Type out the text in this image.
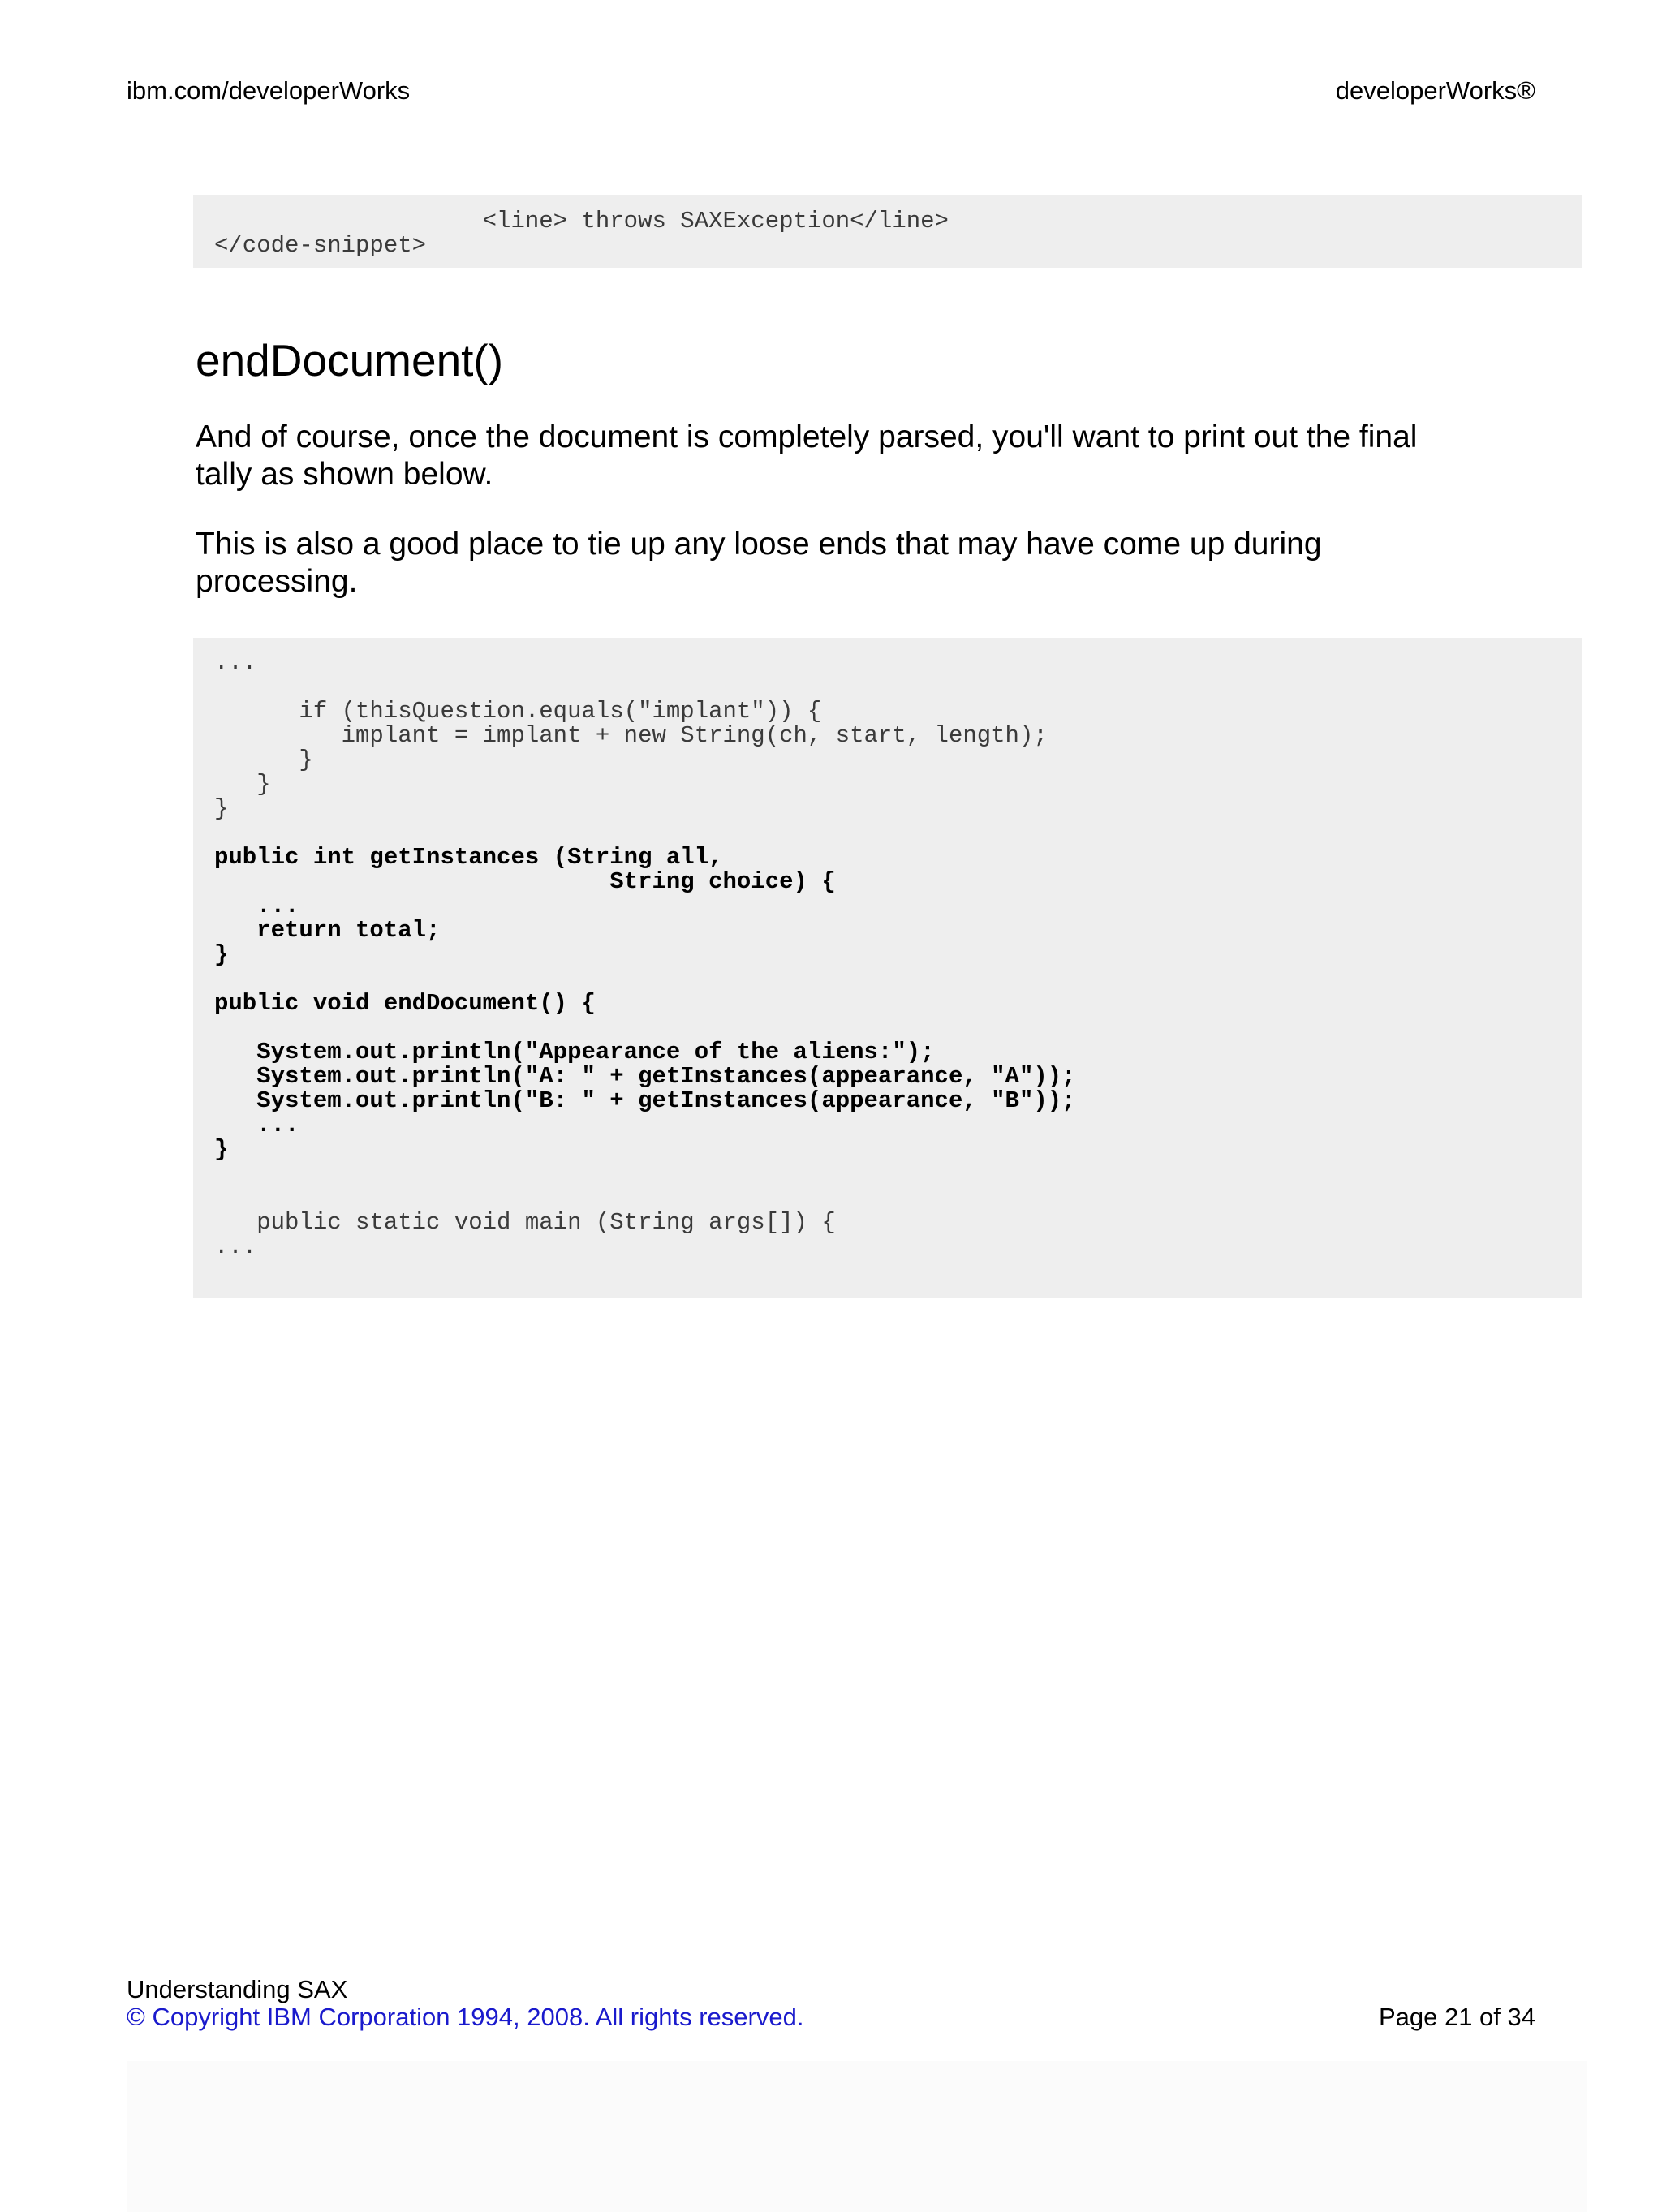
ibm.com/developerWorks	developerWorks®
<line> throws SAXException</line>
</code-snippet>
endDocument()

And of course, once the document is completely parsed, you'll want to print out the final tally as shown below.

This is also a good place to tie up any loose ends that may have come up during processing.

...

if (thisQuestion.equals("implant")) {
implant = implant + new String(ch, start, length);
}
}
}

public int getInstances (String all,
String choice) {
...
return total;
}

public void endDocument() {

System.out.println("Appearance of the aliens:");
System.out.println("A: " + getInstances(appearance, "A"));
System.out.println("B: " + getInstances(appearance, "B"));
...
}

public static void main (String args[]) {
...
Understanding SAX
© Copyright IBM Corporation 1994, 2008. All rights reserved.	Page 21 of 34
